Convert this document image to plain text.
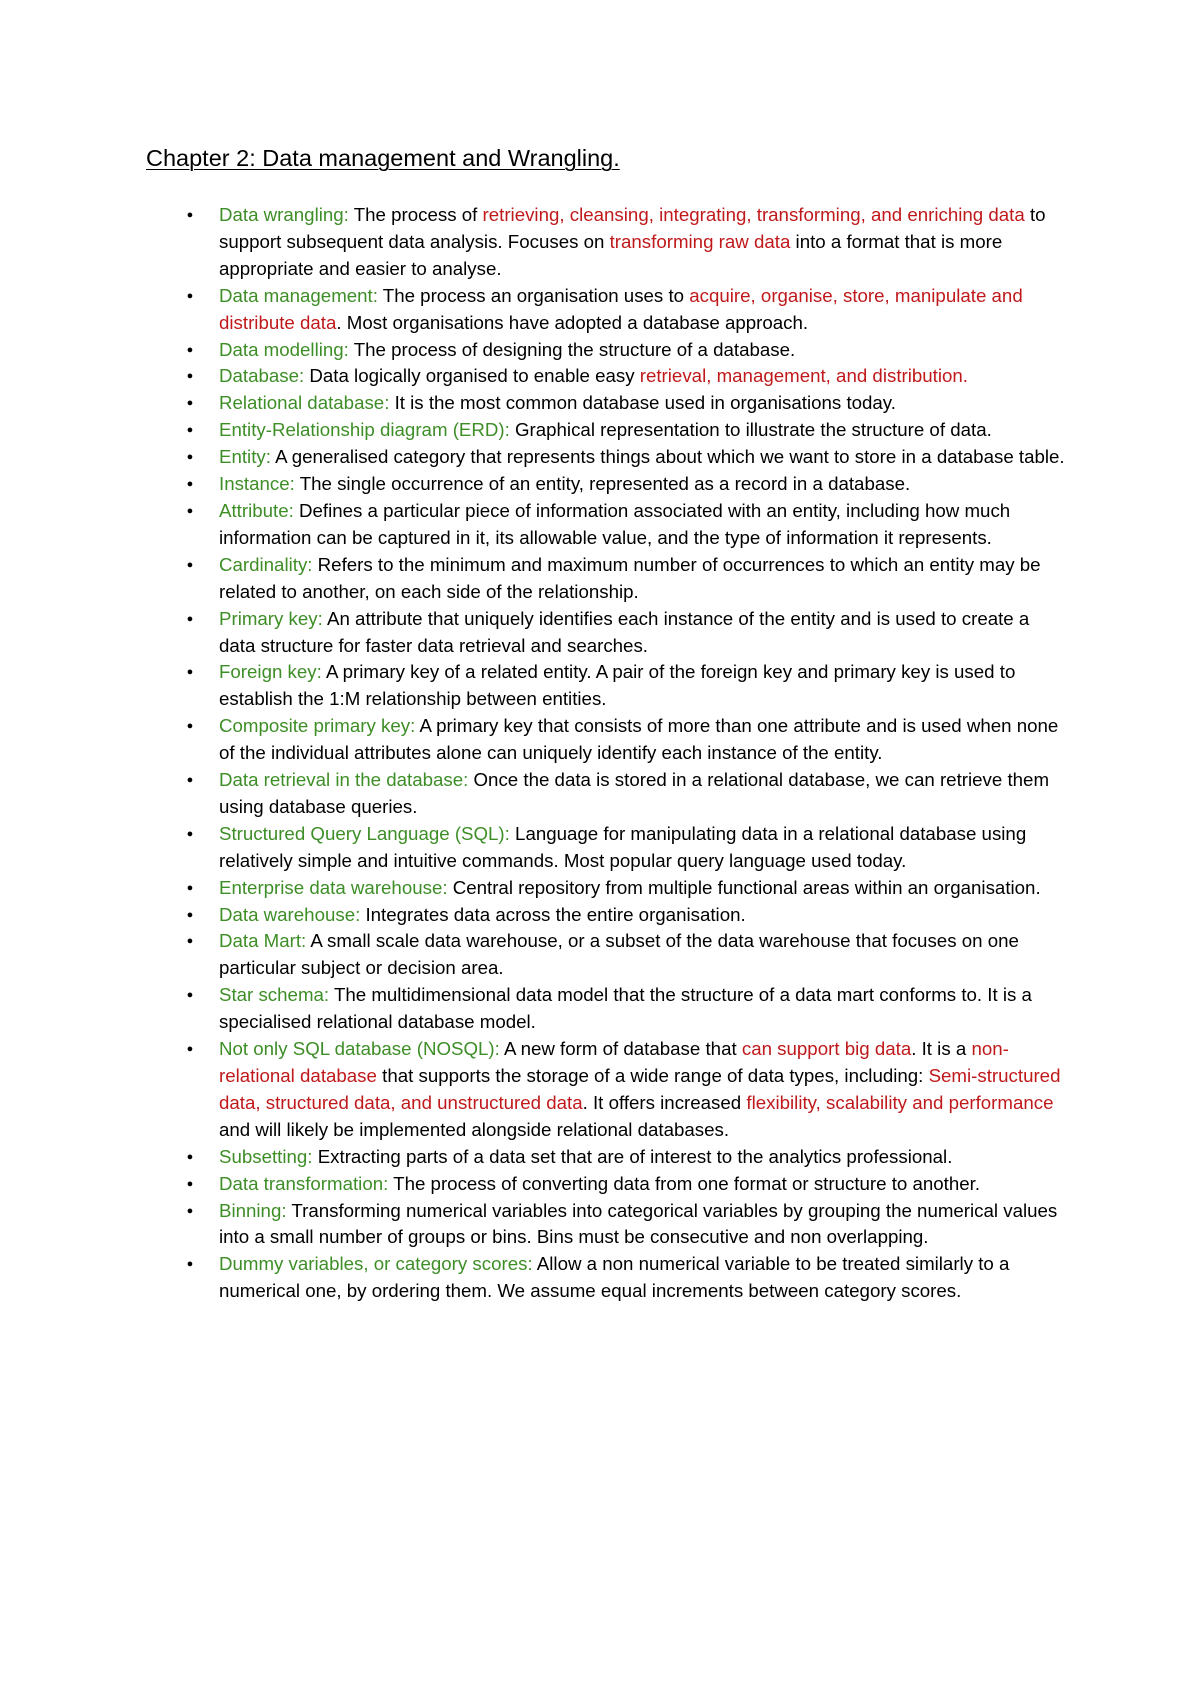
Chapter 2: Data management and Wrangling.
● Data wrangling: The process of retrieving, cleansing, integrating, transforming, and enriching data to support subsequent data analysis. Focuses on transforming raw data into a format that is more appropriate and easier to analyse.
● Data management: The process an organisation uses to acquire, organise, store, manipulate and distribute data. Most organisations have adopted a database approach.
● Data modelling: The process of designing the structure of a database.
● Database: Data logically organised to enable easy retrieval, management, and distribution.
● Relational database: It is the most common database used in organisations today.
● Entity-Relationship diagram (ERD): Graphical representation to illustrate the structure of data.
● Entity: A generalised category that represents things about which we want to store in a database table.
● Instance: The single occurrence of an entity, represented as a record in a database.
● Attribute: Defines a particular piece of information associated with an entity, including how much information can be captured in it, its allowable value, and the type of information it represents.
● Cardinality: Refers to the minimum and maximum number of occurrences to which an entity may be related to another, on each side of the relationship.
● Primary key: An attribute that uniquely identifies each instance of the entity and is used to create a data structure for faster data retrieval and searches.
● Foreign key: A primary key of a related entity. A pair of the foreign key and primary key is used to establish the 1:M relationship between entities.
● Composite primary key: A primary key that consists of more than one attribute and is used when none of the individual attributes alone can uniquely identify each instance of the entity.
● Data retrieval in the database: Once the data is stored in a relational database, we can retrieve them using database queries.
● Structured Query Language (SQL): Language for manipulating data in a relational database using relatively simple and intuitive commands. Most popular query language used today.
● Enterprise data warehouse: Central repository from multiple functional areas within an organisation.
● Data warehouse: Integrates data across the entire organisation.
● Data Mart: A small scale data warehouse, or a subset of the data warehouse that focuses on one particular subject or decision area.
● Star schema: The multidimensional data model that the structure of a data mart conforms to. It is a specialised relational database model.
● Not only SQL database (NOSQL): A new form of database that can support big data. It is a non-relational database that supports the storage of a wide range of data types, including: Semi-structured data, structured data, and unstructured data. It offers increased flexibility, scalability and performance and will likely be implemented alongside relational databases.
● Subsetting: Extracting parts of a data set that are of interest to the analytics professional.
● Data transformation: The process of converting data from one format or structure to another.
● Binning: Transforming numerical variables into categorical variables by grouping the numerical values into a small number of groups or bins. Bins must be consecutive and non overlapping.
● Dummy variables, or category scores: Allow a non numerical variable to be treated similarly to a numerical one, by ordering them. We assume equal increments between category scores.
